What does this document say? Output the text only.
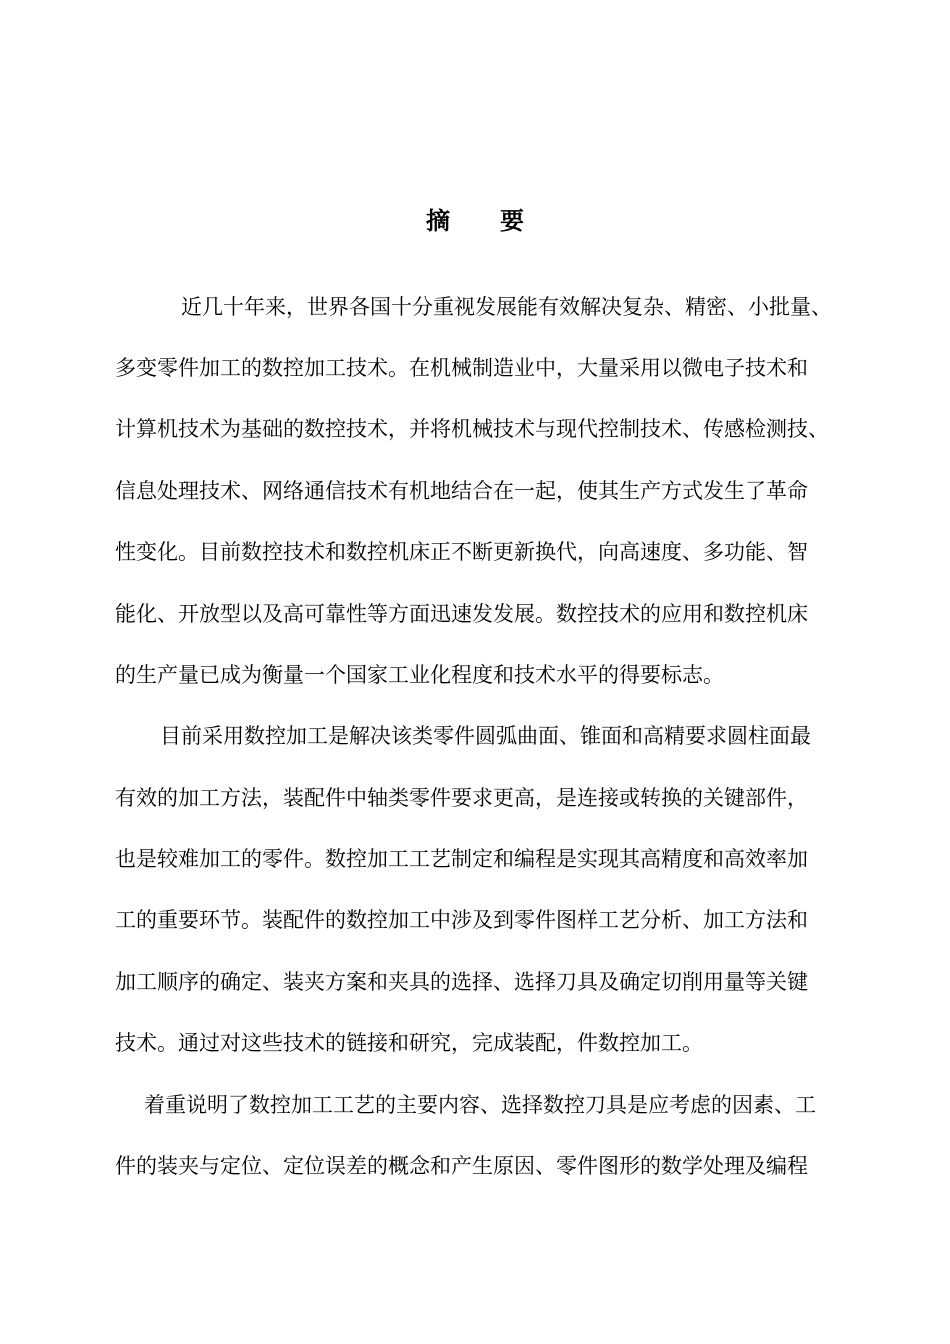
摘要
近几十年来，世界各国十分重视发展能有效解决复杂、精密、小批量、
多变零件加工的数控加工技术。在机械制造业中，大量采用以微电子技术和
计算机技术为基础的数控技术，并将机械技术与现代控制技术、传感检测技、
信息处理技术、网络通信技术有机地结合在一起，使其生产方式发生了革命
性变化。目前数控技术和数控机床正不断更新换代，向高速度、多功能、智
能化、开放型以及高可靠性等方面迅速发发展。数控技术的应用和数控机床
的生产量已成为衡量一个国家工业化程度和技术水平的得要标志。
目前采用数控加工是解决该类零件圆弧曲面、锥面和高精要求圆柱面最
有效的加工方法，装配件中轴类零件要求更高，是连接或转换的关键部件，
也是较难加工的零件。数控加工工艺制定和编程是实现其高精度和高效率加
工的重要环节。装配件的数控加工中涉及到零件图样工艺分析、加工方法和
加工顺序的确定、装夹方案和夹具的选择、选择刀具及确定切削用量等关键
技术。通过对这些技术的链接和研究，完成装配，件数控加工。
着重说明了数控加工工艺的主要内容、选择数控刀具是应考虑的因素、工
件的装夹与定位、定位误差的概念和产生原因、零件图形的数学处理及编程
